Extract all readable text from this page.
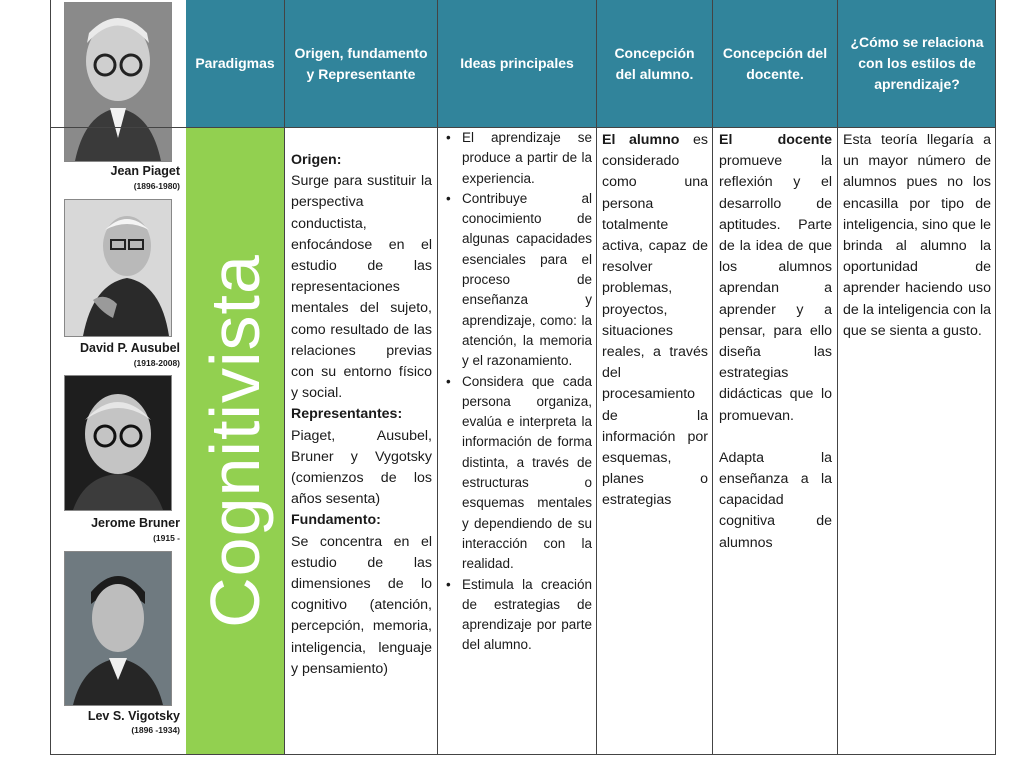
Jean Piaget
(1896-1980)
David P. Ausubel
(1918-2008)
Jerome Bruner
(1915 -
Lev S. Vigotsky
(1896 -1934)
Paradigmas
Origen, fundamento y Representante
Ideas principales
Concepción del alumno.
Concepción del docente.
¿Cómo se relaciona con los estilos de aprendizaje?
Cognitivista
Origen:
Surge para sustituir la perspectiva conductista, enfocándose en el estudio de las representaciones mentales del sujeto, como resultado de las relaciones previas con su entorno físico y social.
Representantes:
Piaget, Ausubel, Bruner y Vygotsky (comienzos de los años sesenta)
Fundamento:
Se concentra en el estudio de las dimensiones de lo cognitivo (atención, percepción, memoria, inteligencia, lenguaje y pensamiento)
• El aprendizaje se produce a partir de la experiencia.
• Contribuye al conocimiento de algunas capacidades esenciales para el proceso de enseñanza y aprendizaje, como: la atención, la memoria y el razonamiento.
• Considera que cada persona organiza, evalúa e interpreta la información de forma distinta, a través de estructuras o esquemas mentales y dependiendo de su interacción con la realidad.
• Estimula la creación de estrategias de aprendizaje por parte del alumno.
El alumno es considerado como una persona totalmente activa, capaz de resolver problemas, proyectos, situaciones reales, a través del procesamiento de la información por esquemas, planes o estrategias
El docente promueve la reflexión y el desarrollo de aptitudes. Parte de la idea de que los alumnos aprendan a aprender y a pensar, para ello diseña las estrategias didácticas que lo promuevan.
Adapta la enseñanza a la capacidad cognitiva de alumnos
Esta teoría llegaría a un mayor número de alumnos pues no los encasilla por tipo de inteligencia, sino que le brinda al alumno la oportunidad de aprender haciendo uso de la inteligencia con la que se sienta a gusto.
